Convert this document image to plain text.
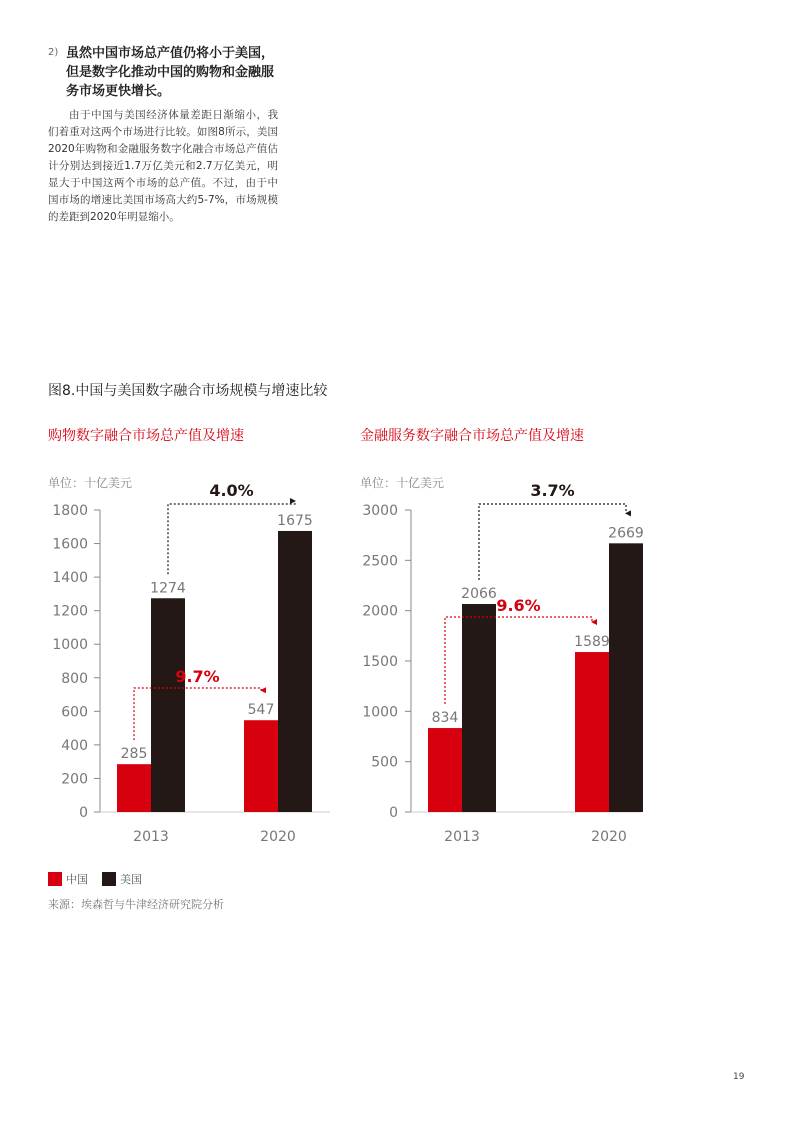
2) 虽然中国市场总产值仍将小于美国，但是数字化推动中国的购物和金融服务市场更快增长。

由于中国与美国经济体量差距日渐缩小，我们着重对这两个市场进行比较。如图8所示，美国2020年购物和金融服务数字化融合市场总产值估计分别达到接近1.7万亿美元和2.7万亿美元，明显大于中国这两个市场的总产值。不过，由于中国市场的增速比美国市场高大约5-7%，市场规模的差距到2020年明显缩小。

图8.中国与美国数字融合市场规模与增速比较
购物数字融合市场总产值及增速	金融服务数字融合市场总产值及增速
单位：十亿美元
0
200
400
600
800
1000
1200
1400
1600
1800
285
1274
2013
547
1675
2020
4.0%
9.7%
单位：十亿美元
0
500
1000
1500
2000
2500
3000
834
2066
2013
1589
2669
2020
3.7%
9.6%
中国	美国
来源：埃森哲与牛津经济研究院分析
19
